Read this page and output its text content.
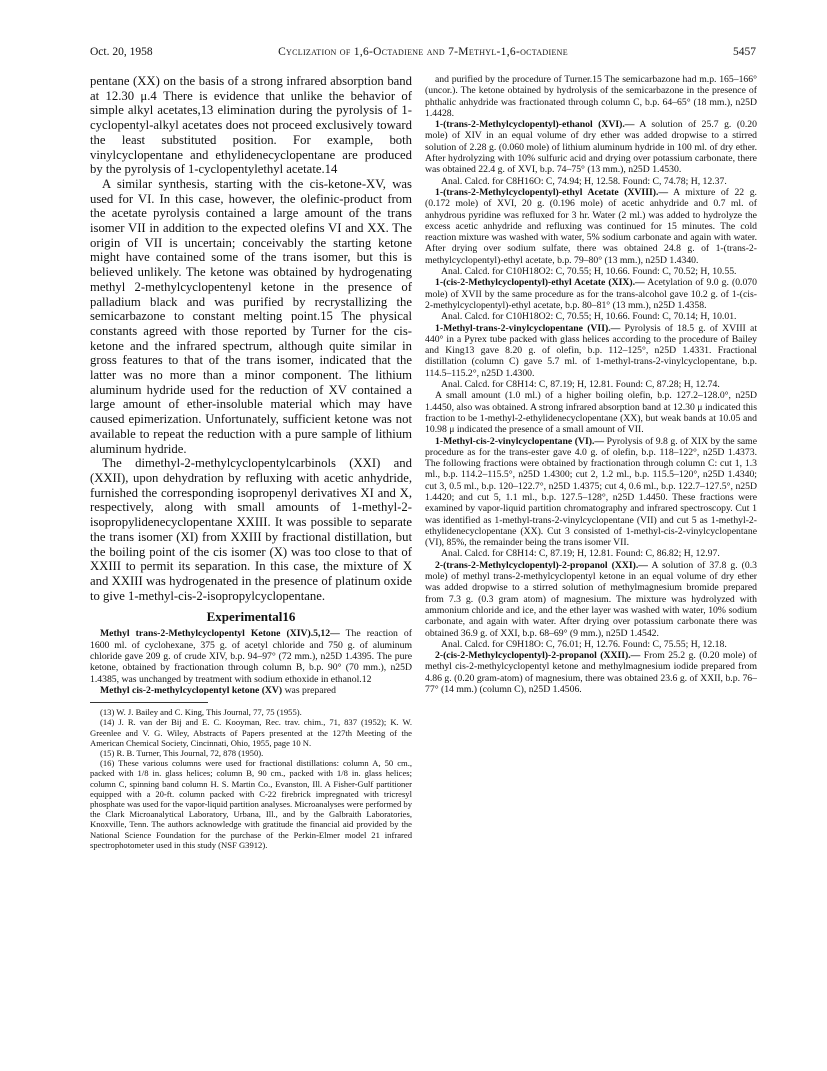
Oct. 20, 1958	Cyclization of 1,6-Octadiene and 7-Methyl-1,6-octadiene	5457

pentane (XX) on the basis of a strong infrared absorption band at 12.30 μ.4 There is evidence that unlike the behavior of simple alkyl acetates,13 elimination during the pyrolysis of 1-cyclopentyl-alkyl acetates does not proceed exclusively toward the least substituted position. For example, both vinylcyclopentane and ethylidenecyclopentane are produced by the pyrolysis of 1-cyclopentylethyl acetate.14

A similar synthesis, starting with the cis-ketone-XV, was used for VI. In this case, however, the olefinic-product from the acetate pyrolysis contained a large amount of the trans isomer VII in addition to the expected olefins VI and XX. The origin of VII is uncertain; conceivably the starting ketone might have contained some of the trans isomer, but this is believed unlikely. The ketone was obtained by hydrogenating methyl 2-methylcyclopentenyl ketone in the presence of palladium black and was purified by recrystallizing the semicarbazone to constant melting point.15 The physical constants agreed with those reported by Turner for the cis-ketone and the infrared spectrum, although quite similar in gross features to that of the trans isomer, indicated that the latter was no more than a minor component. The lithium aluminum hydride used for the reduction of XV contained a large amount of ether-insoluble material which may have caused epimerization. Unfortunately, sufficient ketone was not available to repeat the reduction with a pure sample of lithium aluminum hydride.

The dimethyl-2-methylcyclopentylcarbinols (XXI) and (XXII), upon dehydration by refluxing with acetic anhydride, furnished the corresponding isopropenyl derivatives XI and X, respectively, along with small amounts of 1-methyl-2-isopropylidenecyclopentane XXIII. It was possible to separate the trans isomer (XI) from XXIII by fractional distillation, but the boiling point of the cis isomer (X) was too close to that of XXIII to permit its separation. In this case, the mixture of X and XXIII was hydrogenated in the presence of platinum oxide to give 1-methyl-cis-2-isopropylcyclopentane.

Experimental16

Methyl trans-2-Methylcyclopentyl Ketone (XIV).5,12— The reaction of 1600 ml. of cyclohexane, 375 g. of acetyl chloride and 750 g. of aluminum chloride gave 209 g. of crude XIV, b.p. 94–97° (72 mm.), n25D 1.4395. The pure ketone, obtained by fractionation through column B, b.p. 90° (70 mm.), n25D 1.4385, was unchanged by treatment with sodium ethoxide in ethanol.12

Methyl cis-2-methylcyclopentyl ketone (XV) was prepared

(13) W. J. Bailey and C. King, This Journal, 77, 75 (1955).

(14) J. R. van der Bij and E. C. Kooyman, Rec. trav. chim., 71, 837 (1952); K. W. Greenlee and V. G. Wiley, Abstracts of Papers presented at the 127th Meeting of the American Chemical Society, Cincinnati, Ohio, 1955, page 10 N.

(15) R. B. Turner, This Journal, 72, 878 (1950).

(16) These various columns were used for fractional distillations: column A, 50 cm., packed with 1/8 in. glass helices; column B, 90 cm., packed with 1/8 in. glass helices; column C, spinning band column H. S. Martin Co., Evanston, Ill. A Fisher-Gulf partitioner equipped with a 20-ft. column packed with C-22 firebrick impregnated with tricresyl phosphate was used for the vapor-liquid partition analyses. Microanalyses were performed by the Clark Microanalytical Laboratory, Urbana, Ill., and by the Galbraith Laboratories, Knoxville, Tenn. The authors acknowledge with gratitude the financial aid provided by the National Science Foundation for the purchase of the Perkin-Elmer model 21 infrared spectrophotometer used in this study (NSF G3912).

and purified by the procedure of Turner.15 The semicarbazone had m.p. 165–166° (uncor.). The ketone obtained by hydrolysis of the semicarbazone in the presence of phthalic anhydride was fractionated through column C, b.p. 64–65° (18 mm.), n25D 1.4428.

1-(trans-2-Methylcyclopentyl)-ethanol (XVI).— A solution of 25.7 g. (0.20 mole) of XIV in an equal volume of dry ether was added dropwise to a stirred solution of 2.28 g. (0.060 mole) of lithium aluminum hydride in 100 ml. of dry ether. After hydrolyzing with 10% sulfuric acid and drying over potassium carbonate, there was obtained 22.4 g. of XVI, b.p. 74–75° (13 mm.), n25D 1.4530.

Anal. Calcd. for C8H16O: C, 74.94; H, 12.58. Found: C, 74.78; H, 12.37.

1-(trans-2-Methylcyclopentyl)-ethyl Acetate (XVIII).— A mixture of 22 g. (0.172 mole) of XVI, 20 g. (0.196 mole) of acetic anhydride and 0.7 ml. of anhydrous pyridine was refluxed for 3 hr. Water (2 ml.) was added to hydrolyze the excess acetic anhydride and refluxing was continued for 15 minutes. The cold reaction mixture was washed with water, 5% sodium carbonate and again with water. After drying over sodium sulfate, there was obtained 24.8 g. of 1-(trans-2-methylcyclopentyl)-ethyl acetate, b.p. 79–80° (13 mm.), n25D 1.4340.

Anal. Calcd. for C10H18O2: C, 70.55; H, 10.66. Found: C, 70.52; H, 10.55.

1-(cis-2-Methylcyclopentyl)-ethyl Acetate (XIX).— Acetylation of 9.0 g. (0.070 mole) of XVII by the same procedure as for the trans-alcohol gave 10.2 g. of 1-(cis-2-methylcyclopentyl)-ethyl acetate, b.p. 80–81° (13 mm.), n25D 1.4358.

Anal. Calcd. for C10H18O2: C, 70.55; H, 10.66. Found: C, 70.14; H, 10.01.

1-Methyl-trans-2-vinylcyclopentane (VII).— Pyrolysis of 18.5 g. of XVIII at 440° in a Pyrex tube packed with glass helices according to the procedure of Bailey and King13 gave 8.20 g. of olefin, b.p. 112–125°, n25D 1.4331. Fractional distillation (column C) gave 5.7 ml. of 1-methyl-trans-2-vinylcyclopentane, b.p. 114.5–115.2°, n25D 1.4300.

Anal. Calcd. for C8H14: C, 87.19; H, 12.81. Found: C, 87.28; H, 12.74.

A small amount (1.0 ml.) of a higher boiling olefin, b.p. 127.2–128.0°, n25D 1.4450, also was obtained. A strong infrared absorption band at 12.30 μ indicated this fraction to be 1-methyl-2-ethylidenecyclopentane (XX), but weak bands at 10.05 and 10.98 μ indicated the presence of a small amount of VII.

1-Methyl-cis-2-vinylcyclopentane (VI).— Pyrolysis of 9.8 g. of XIX by the same procedure as for the trans-ester gave 4.0 g. of olefin, b.p. 118–122°, n25D 1.4373. The following fractions were obtained by fractionation through column C: cut 1, 1.3 ml., b.p. 114.2–115.5°, n25D 1.4300; cut 2, 1.2 ml., b.p. 115.5–120°, n25D 1.4340; cut 3, 0.5 ml., b.p. 120–122.7°, n25D 1.4375; cut 4, 0.6 ml., b.p. 122.7–127.5°, n25D 1.4420; and cut 5, 1.1 ml., b.p. 127.5–128°, n25D 1.4450. These fractions were examined by vapor-liquid partition chromatography and infrared spectroscopy. Cut 1 was identified as 1-methyl-trans-2-vinylcyclopentane (VII) and cut 5 as 1-methyl-2-ethylidenecyclopentane (XX). Cut 3 consisted of 1-methyl-cis-2-vinylcyclopentane (VI), 85%, the remainder being the trans isomer VII.

Anal. Calcd. for C8H14: C, 87.19; H, 12.81. Found: C, 86.82; H, 12.97.

2-(trans-2-Methylcyclopentyl)-2-propanol (XXI).— A solution of 37.8 g. (0.3 mole) of methyl trans-2-methylcyclopentyl ketone in an equal volume of dry ether was added dropwise to a stirred solution of methylmagnesium bromide prepared from 7.3 g. (0.3 gram atom) of magnesium. The mixture was hydrolyzed with ammonium chloride and ice, and the ether layer was washed with water, 10% sodium carbonate, and again with water. After drying over potassium carbonate there was obtained 36.9 g. of XXI, b.p. 68–69° (9 mm.), n25D 1.4542.

Anal. Calcd. for C9H18O: C, 76.01; H, 12.76. Found: C, 75.55; H, 12.18.

2-(cis-2-Methylcyclopentyl)-2-propanol (XXII).— From 25.2 g. (0.20 mole) of methyl cis-2-methylcyclopentyl ketone and methylmagnesium iodide prepared from 4.86 g. (0.20 gram-atom) of magnesium, there was obtained 23.6 g. of XXII, b.p. 76–77° (14 mm.) (column C), n25D 1.4506.
